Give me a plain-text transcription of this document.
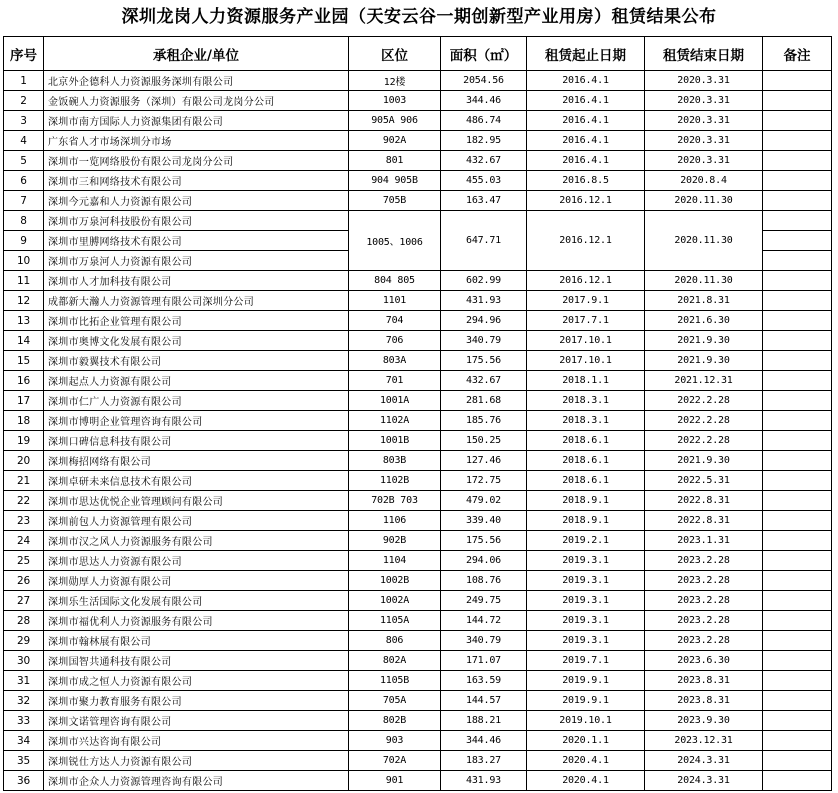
深圳龙岗人力资源服务产业园（天安云谷一期创新型产业用房）租赁结果公布
序号	承租企业/单位	区位	面积（㎡）	租赁起止日期	租赁结束日期	备注
1	北京外企德科人力资源服务深圳有限公司	12楼	2054.56	2016.4.1	2020.3.31	
2	金饭碗人力资源服务（深圳）有限公司龙岗分公司	1003	344.46	2016.4.1	2020.3.31	
3	深圳市南方国际人力资源集团有限公司	905A 906	486.74	2016.4.1	2020.3.31	
4	广东省人才市场深圳分市场	902A	182.95	2016.4.1	2020.3.31	
5	深圳市一览网络股份有限公司龙岗分公司	801	432.67	2016.4.1	2020.3.31	
6	深圳市三和网络技术有限公司	904 905B	455.03	2016.8.5	2020.8.4	
7	深圳今元嘉和人力资源有限公司	705B	163.47	2016.12.1	2020.11.30	
8	深圳市万泉河科技股份有限公司	1005、1006	647.71	2016.12.1	2020.11.30	
9	深圳市里膊网络技术有限公司					
10	深圳市万泉河人力资源有限公司					
11	深圳市人才加科技有限公司	804 805	602.99	2016.12.1	2020.11.30	
12	成都新大瀚人力资源管理有限公司深圳分公司	1101	431.93	2017.9.1	2021.8.31	
13	深圳市比拓企业管理有限公司	704	294.96	2017.7.1	2021.6.30	
14	深圳市奥博文化发展有限公司	706	340.79	2017.10.1	2021.9.30	
15	深圳市毅翼技术有限公司	803A	175.56	2017.10.1	2021.9.30	
16	深圳起点人力资源有限公司	701	432.67	2018.1.1	2021.12.31	
17	深圳市仁广人力资源有限公司	1001A	281.68	2018.3.1	2022.2.28	
18	深圳市博明企业管理咨询有限公司	1102A	185.76	2018.3.1	2022.2.28	
19	深圳口碑信息科技有限公司	1001B	150.25	2018.6.1	2022.2.28	
20	深圳梅招网络有限公司	803B	127.46	2018.6.1	2021.9.30	
21	深圳卓研未来信息技术有限公司	1102B	172.75	2018.6.1	2022.5.31	
22	深圳市思达优悦企业管理顾问有限公司	702B 703	479.02	2018.9.1	2022.8.31	
23	深圳前包人力资源管理有限公司	1106	339.40	2018.9.1	2022.8.31	
24	深圳市汉之风人力资源服务有限公司	902B	175.56	2019.2.1	2023.1.31	
25	深圳市思达人力资源有限公司	1104	294.06	2019.3.1	2023.2.28	
26	深圳勋厚人力资源有限公司	1002B	108.76	2019.3.1	2023.2.28	
27	深圳乐生活国际文化发展有限公司	1002A	249.75	2019.3.1	2023.2.28	
28	深圳市福优利人力资源服务有限公司	1105A	144.72	2019.3.1	2023.2.28	
29	深圳市翰林展有限公司	806	340.79	2019.3.1	2023.2.28	
30	深圳国智共通科技有限公司	802A	171.07	2019.7.1	2023.6.30	
31	深圳市成之恒人力资源有限公司	1105B	163.59	2019.9.1	2023.8.31	
32	深圳市聚力教育服务有限公司	705A	144.57	2019.9.1	2023.8.31	
33	深圳文诺管理咨询有限公司	802B	188.21	2019.10.1	2023.9.30	
34	深圳市兴达咨询有限公司	903	344.46	2020.1.1	2023.12.31	
35	深圳锐仕方达人力资源有限公司	702A	183.27	2020.4.1	2024.3.31	
36	深圳市企众人力资源管理咨询有限公司	901	431.93	2020.4.1	2024.3.31	
